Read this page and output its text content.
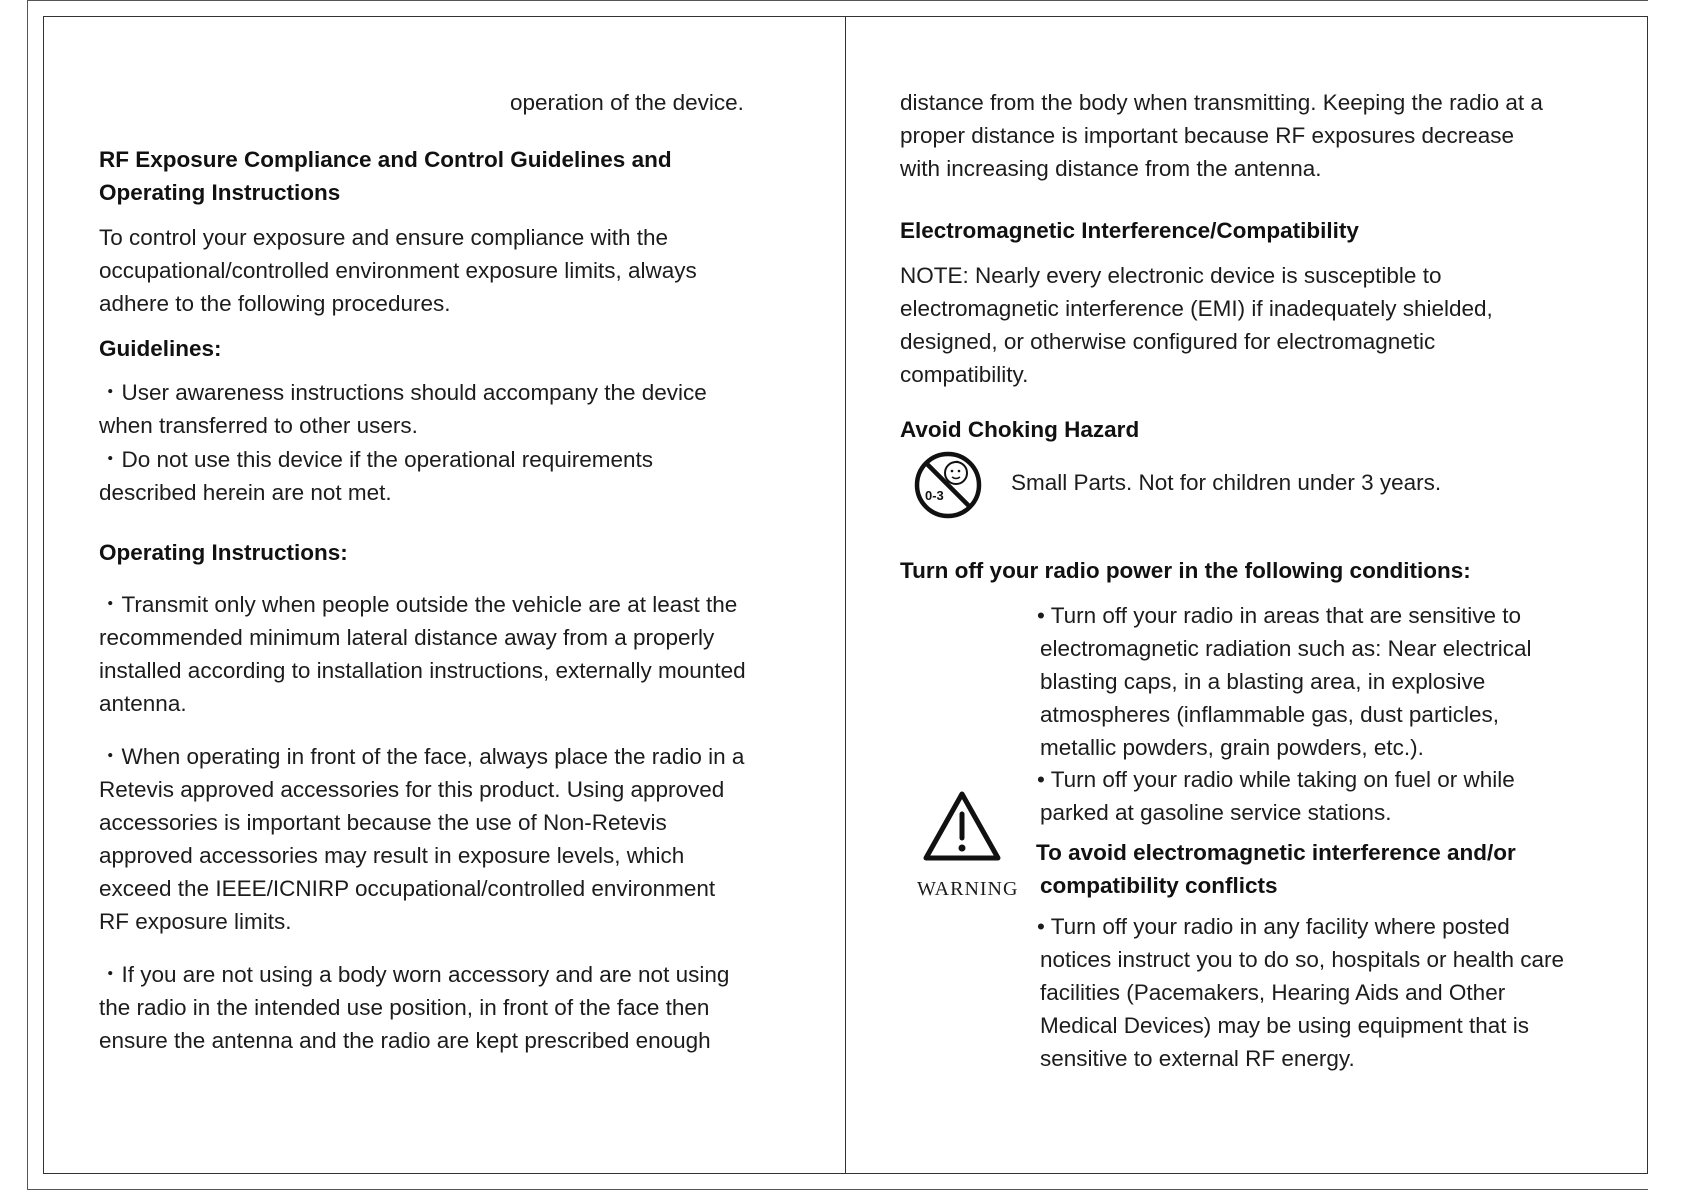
operation of the device.

RF Exposure Compliance and Control Guidelines and

Operating Instructions

To control your exposure and ensure compliance with the

occupational/controlled environment exposure limits, always

adhere to the following procedures.

Guidelines:

・User awareness instructions should accompany the device

when transferred to other users.

・Do not use this device if the operational requirements

described herein are not met.

Operating Instructions:

・Transmit only when people outside the vehicle are at least the

recommended minimum lateral distance away from a properly

installed according to installation instructions, externally mounted

antenna.

・When operating in front of the face, always place the radio in a

Retevis approved accessories for this product. Using approved

accessories is important because the use of Non-Retevis

approved accessories may result in exposure levels, which

exceed the IEEE/ICNIRP occupational/controlled environment

RF exposure limits.

・If you are not using a body worn accessory and are not using

the radio in the intended use position, in front of the face then

ensure the antenna and the radio are kept prescribed enough

distance from the body when transmitting. Keeping the radio at a

proper distance is important because RF exposures decrease

with increasing distance from the antenna.

Electromagnetic Interference/Compatibility

NOTE: Nearly every electronic device is susceptible to

electromagnetic interference (EMI) if inadequately shielded,

designed, or otherwise configured for electromagnetic

compatibility.

Avoid Choking Hazard

0-3

Small Parts. Not for children under 3 years.

Turn off your radio power in the following conditions:

• Turn off your radio in areas that are sensitive to

electromagnetic radiation such as: Near electrical

blasting caps, in a blasting area, in explosive

atmospheres (inflammable gas, dust particles,

metallic powders, grain powders, etc.).

• Turn off your radio while taking on fuel or while

parked at gasoline service stations.

WARNING

To avoid electromagnetic interference and/or

compatibility conflicts

• Turn off your radio in any facility where posted

notices instruct you to do so, hospitals or health care

facilities (Pacemakers, Hearing Aids and Other

Medical Devices) may be using equipment that is

sensitive to external RF energy.
